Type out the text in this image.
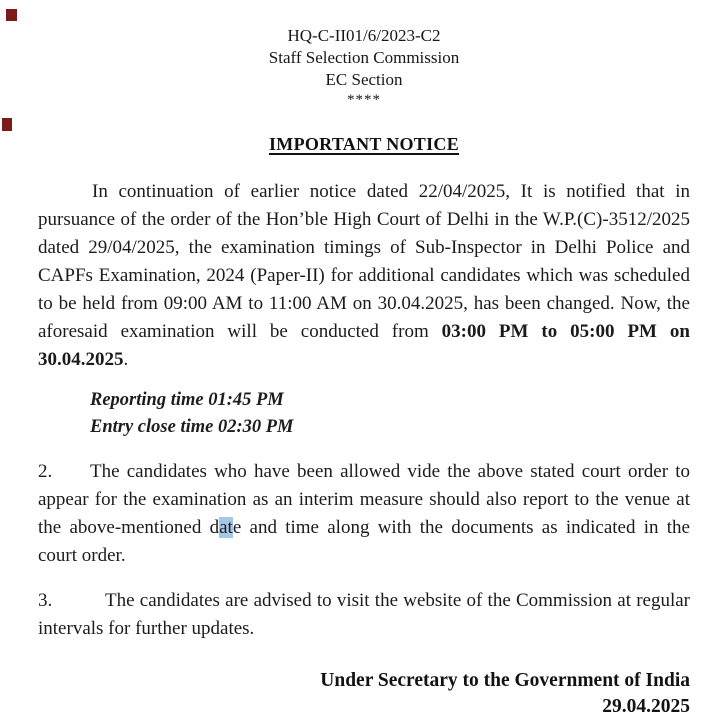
HQ-C-II01/6/2023-C2
Staff Selection Commission
EC Section
****
IMPORTANT NOTICE

In continuation of earlier notice dated 22/04/2025, It is notified that in pursuance of the order of the Hon’ble High Court of Delhi in the W.P.(C)-3512/2025 dated 29/04/2025, the examination timings of Sub-Inspector in Delhi Police and CAPFs Examination, 2024 (Paper-II) for additional candidates which was scheduled to be held from 09:00 AM to 11:00 AM on 30.04.2025, has been changed. Now, the aforesaid examination will be conducted from 03:00 PM to 05:00 PM on 30.04.2025.

Reporting time 01:45 PM
Entry close time 02:30 PM

2. The candidates who have been allowed vide the above stated court order to appear for the examination as an interim measure should also report to the venue at the above-mentioned date and time along with the documents as indicated in the court order.

3.	The candidates are advised to visit the website of the Commission at regular intervals for further updates.

Under Secretary to the Government of India
29.04.2025
